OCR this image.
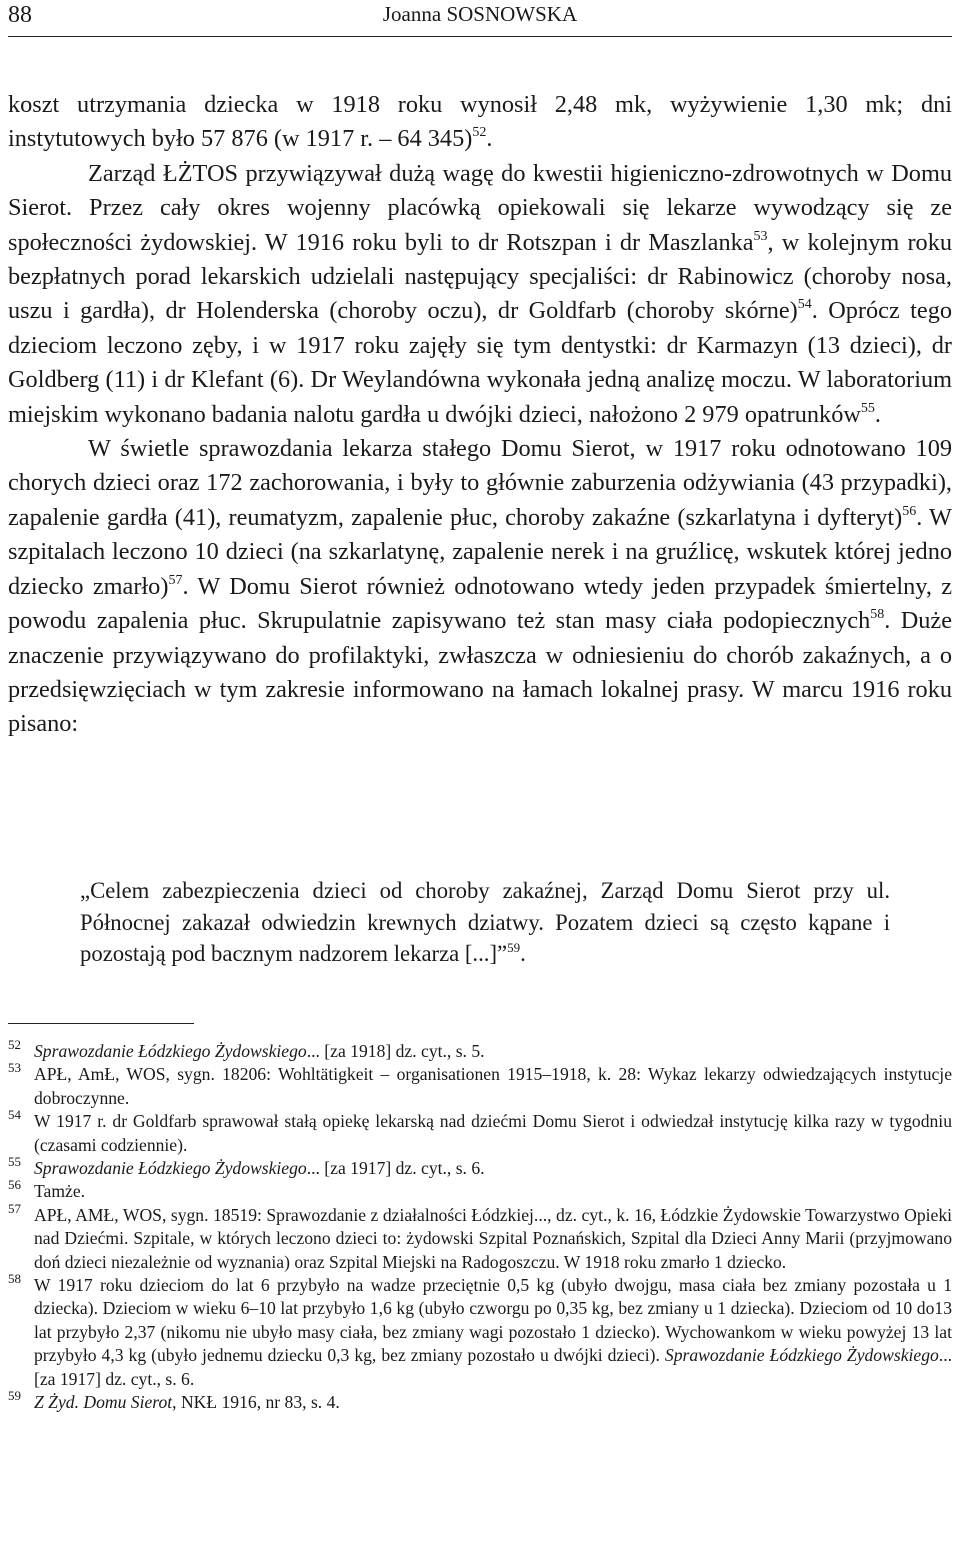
88	Joanna SOSNOWSKA

koszt utrzymania dziecka w 1918 roku wynosił 2,48 mk, wyżywienie 1,30 mk; dni instytutowych było 57 876 (w 1917 r. – 64 345)$^{52}$.

Zarząd ŁŻTOS przywiązywał dużą wagę do kwestii higieniczno-zdrowotnych w Domu Sierot. Przez cały okres wojenny placówką opiekowali się lekarze wywodzący się ze społeczności żydowskiej. W 1916 roku byli to dr Rotszpan i dr Maszlanka$^{53}$, w kolejnym roku bezpłatnych porad lekarskich udzielali następujący specjaliści: dr Rabinowicz (choroby nosa, uszu i gardła), dr Holenderska (choroby oczu), dr Goldfarb (choroby skórne)$^{54}$. Oprócz tego dzieciom leczono zęby, i w 1917 roku zajęły się tym dentystki: dr Karmazyn (13 dzieci), dr Goldberg (11) i dr Klefant (6). Dr Weylandówna wykonała jedną analizę moczu. W laboratorium miejskim wykonano badania nalotu gardła u dwójki dzieci, nałożono 2 979 opatrunków$^{55}$.

W świetle sprawozdania lekarza stałego Domu Sierot, w 1917 roku odnotowano 109 chorych dzieci oraz 172 zachorowania, i były to głównie zaburzenia odżywiania (43 przypadki), zapalenie gardła (41), reumatyzm, zapalenie płuc, choroby zakaźne (szkarlatyna i dyfteryt)$^{56}$. W szpitalach leczono 10 dzieci (na szkarlatynę, zapalenie nerek i na gruźlicę, wskutek której jedno dziecko zmarło)$^{57}$. W Domu Sierot również odnotowano wtedy jeden przypadek śmiertelny, z powodu zapalenia płuc. Skrupulatnie zapisywano też stan masy ciała podopiecznych$^{58}$. Duże znaczenie przywiązywano do profilaktyki, zwłaszcza w odniesieniu do chorób zakaźnych, a o przedsięwzięciach w tym zakresie informowano na łamach lokalnej prasy. W marcu 1916 roku pisano:

„Celem zabezpieczenia dzieci od choroby zakaźnej, Zarząd Domu Sierot przy ul. Północnej zakazał odwiedzin krewnych dziatwy. Pozatem dzieci są często kąpane i pozostają pod bacznym nadzorem lekarza [...]”$^{59}$.

52 Sprawozdanie Łódzkiego Żydowskiego... [za 1918] dz. cyt., s. 5.
53 APŁ, AmŁ, WOS, sygn. 18206: Wohltätigkeit – organisationen 1915–1918, k. 28: Wykaz lekarzy odwiedzających instytucje dobroczynne.
54 W 1917 r. dr Goldfarb sprawował stałą opiekę lekarską nad dziećmi Domu Sierot i odwiedzał instytucję kilka razy w tygodniu (czasami codziennie).
55 Sprawozdanie Łódzkiego Żydowskiego... [za 1917] dz. cyt., s. 6.
56 Tamże.
57 APŁ, AMŁ, WOS, sygn. 18519: Sprawozdanie z działalności Łódzkiej..., dz. cyt., k. 16, Łódzkie Żydowskie Towarzystwo Opieki nad Dziećmi. Szpitale, w których leczono dzieci to: żydowski Szpital Poznańskich, Szpital dla Dzieci Anny Marii (przyjmowano doń dzieci niezależnie od wyznania) oraz Szpital Miejski na Radogoszczu. W 1918 roku zmarło 1 dziecko.
58 W 1917 roku dzieciom do lat 6 przybyło na wadze przeciętnie 0,5 kg (ubyło dwojgu, masa ciała bez zmiany pozostała u 1 dziecka). Dzieciom w wieku 6–10 lat przybyło 1,6 kg (ubyło czworgu po 0,35 kg, bez zmiany u 1 dziecka). Dzieciom od 10 do13 lat przybyło 2,37 (nikomu nie ubyło masy ciała, bez zmiany wagi pozostało 1 dziecko). Wychowankom w wieku powyżej 13 lat przybyło 4,3 kg (ubyło jednemu dziecku 0,3 kg, bez zmiany pozostało u dwójki dzieci). Sprawozdanie Łódzkiego Żydowskiego... [za 1917] dz. cyt., s. 6.
59 Z Żyd. Domu Sierot, NKŁ 1916, nr 83, s. 4.
